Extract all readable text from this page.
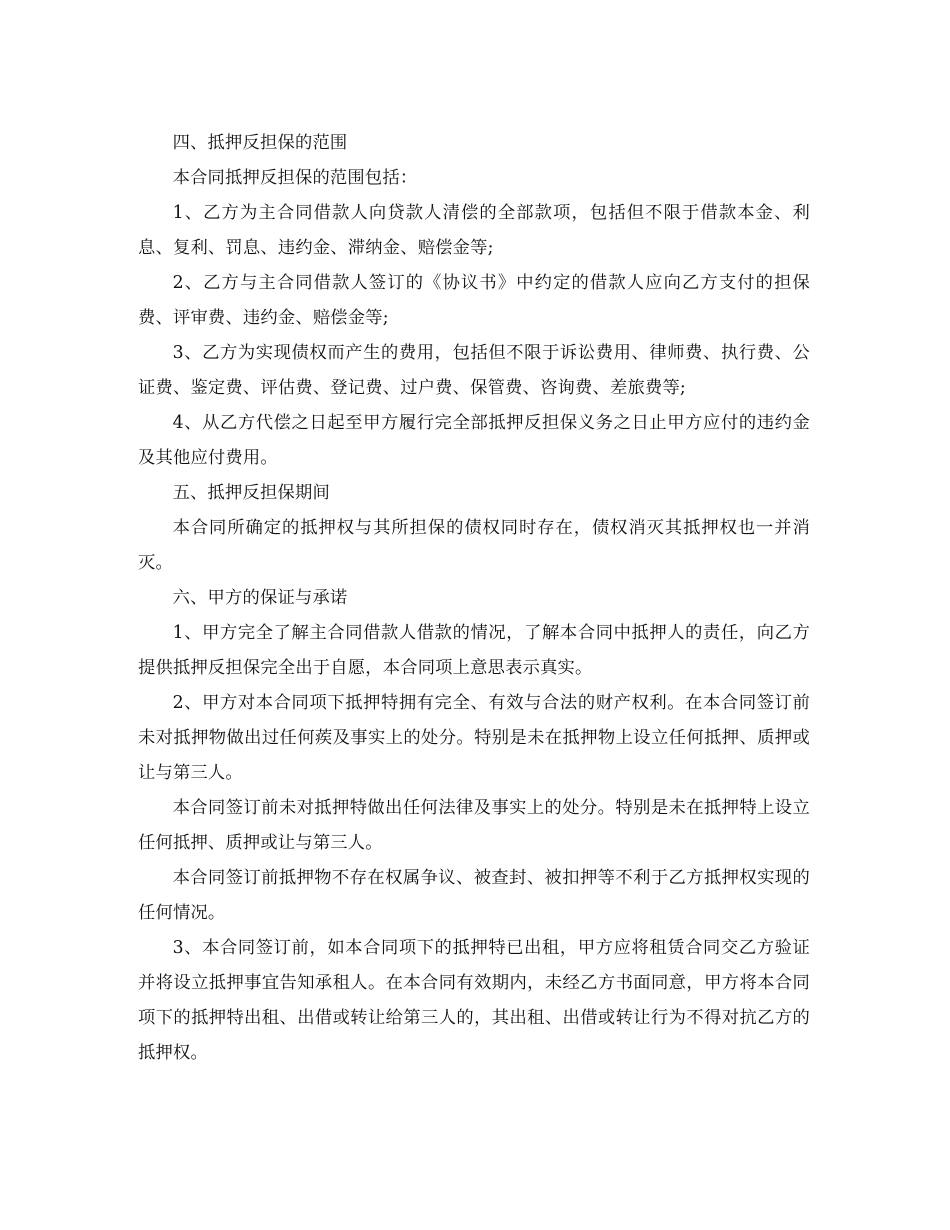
四、抵押反担保的范围

本合同抵押反担保的范围包括：

1、乙方为主合同借款人向贷款人清偿的全部款项，包括但不限于借款本金、利息、复利、罚息、违约金、滞纳金、赔偿金等;

2、乙方与主合同借款人签订的《协议书》中约定的借款人应向乙方支付的担保费、评审费、违约金、赔偿金等;

3、乙方为实现债权而产生的费用，包括但不限于诉讼费用、律师费、执行费、公证费、鉴定费、评估费、登记费、过户费、保管费、咨询费、差旅费等;

4、从乙方代偿之日起至甲方履行完全部抵押反担保义务之日止甲方应付的违约金及其他应付费用。

五、抵押反担保期间

本合同所确定的抵押权与其所担保的债权同时存在，债权消灭其抵押权也一并消灭。

六、甲方的保证与承诺

1、甲方完全了解主合同借款人借款的情况，了解本合同中抵押人的责任，向乙方提供抵押反担保完全出于自愿，本合同项上意思表示真实。

2、甲方对本合同项下抵押特拥有完全、有效与合法的财产权利。在本合同签订前未对抵押物做出过任何蒺及事实上的处分。特别是未在抵押物上设立任何抵押、质押或让与第三人。

本合同签订前未对抵押特做出任何法律及事实上的处分。特别是未在抵押特上设立任何抵押、质押或让与第三人。

本合同签订前抵押物不存在权属争议、被查封、被扣押等不利于乙方抵押权实现的任何情况。

3、本合同签订前，如本合同项下的抵押特已出租，甲方应将租赁合同交乙方验证并将设立抵押事宜告知承租人。在本合同有效期内，未经乙方书面同意，甲方将本合同项下的抵押特出租、出借或转让给第三人的，其出租、出借或转让行为不得对抗乙方的抵押权。
